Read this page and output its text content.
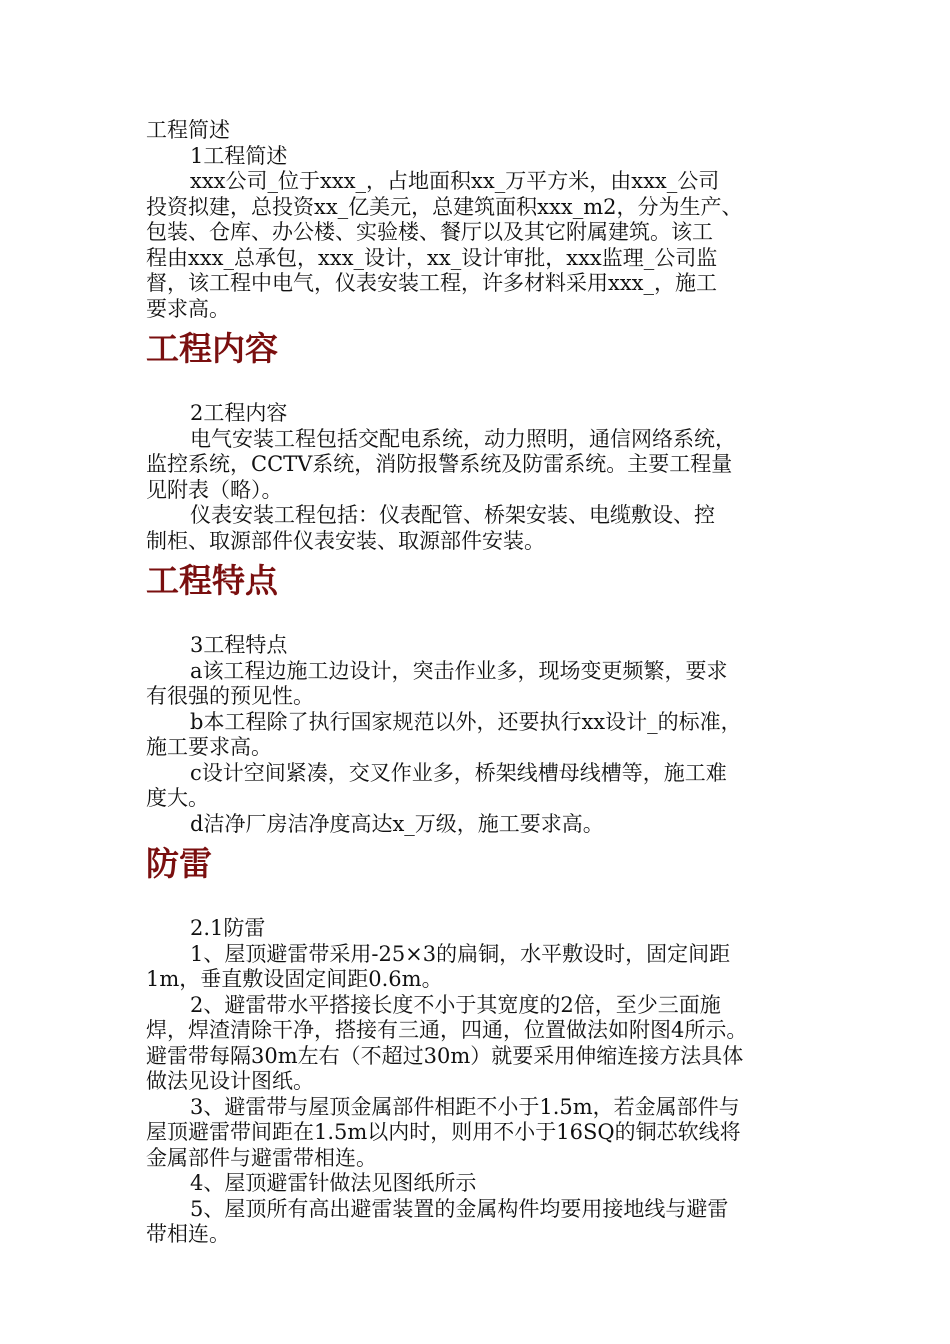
工程简述

1工程简述

xxx公司_位于xxx_，占地面积xx_万平方米，由xxx_公司

投资拟建，总投资xx_亿美元，总建筑面积xxx_m2，分为生产、

包装、仓库、办公楼、实验楼、餐厅以及其它附属建筑。该工

程由xxx_总承包，xxx_设计，xx_设计审批，xxx监理_公司监

督，该工程中电气，仪表安装工程，许多材料采用xxx_，施工

要求高。

工程内容

2工程内容

电气安装工程包括交配电系统，动力照明，通信网络系统，

监控系统，CCTV系统，消防报警系统及防雷系统。主要工程量

见附表（略）。

仪表安装工程包括：仪表配管、桥架安装、电缆敷设、控

制柜、取源部件仪表安装、取源部件安装。

工程特点

3工程特点

a该工程边施工边设计，突击作业多，现场变更频繁，要求

有很强的预见性。

b本工程除了执行国家规范以外，还要执行xx设计_的标准，

施工要求高。

c设计空间紧凑，交叉作业多，桥架线槽母线槽等，施工难

度大。

d洁净厂房洁净度高达x_万级，施工要求高。

防雷

2.1防雷

1、屋顶避雷带采用-25×3的扁铜，水平敷设时，固定间距

1m，垂直敷设固定间距0.6m。

2、避雷带水平搭接长度不小于其宽度的2倍，至少三面施

焊，焊渣清除干净，搭接有三通，四通，位置做法如附图4所示。

避雷带每隔30m左右（不超过30m）就要采用伸缩连接方法具体

做法见设计图纸。

3、避雷带与屋顶金属部件相距不小于1.5m，若金属部件与

屋顶避雷带间距在1.5m以内时，则用不小于16SQ的铜芯软线将

金属部件与避雷带相连。

4、屋顶避雷针做法见图纸所示

5、屋顶所有高出避雷装置的金属构件均要用接地线与避雷

带相连。
